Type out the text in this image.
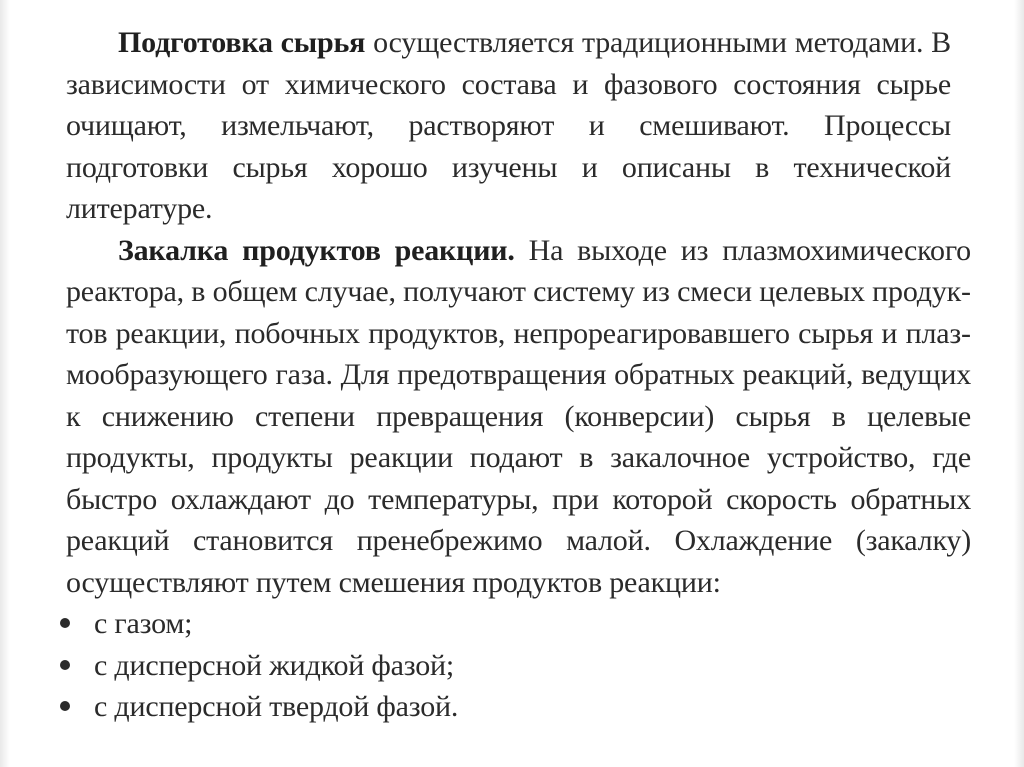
Подготовка сырья осуществляется традиционными методами. В зависимости от химического состава и фазового состояния сырье очищают, измельчают, растворяют и смешивают. Процессы подготовки сырья хорошо изучены и описаны в технической литературе.

Закалка продуктов реакции. На выходе из плазмохимического реактора, в общем случае, получают систему из смеси целевых продуктов реакции, побочных продуктов, непрореагировавшего сырья и плазмообразующего газа. Для предотвращения обратных реакций, ведущих к снижению степени превращения (конверсии) сырья в целевые продукты, продукты реакции подают в закалочное устройство, где быстро охлаждают до температуры, при которой скорость обратных реакций становится пренебрежимо малой. Охлаждение (закалку) осуществляют путем смешения продуктов реакции:

с газом;
с дисперсной жидкой фазой;
с дисперсной твердой фазой.
